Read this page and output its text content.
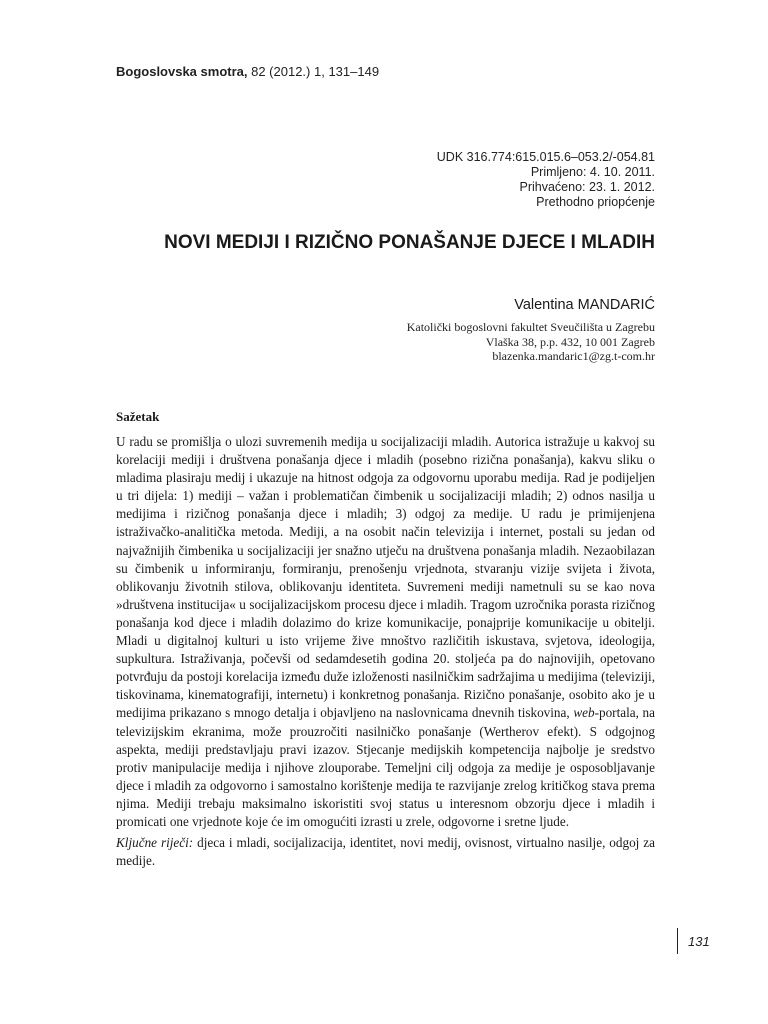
Bogoslovska smotra, 82 (2012.) 1, 131–149
UDK 316.774:615.015.6–053.2/-054.81
Primljeno: 4. 10. 2011.
Prihvaćeno: 23. 1. 2012.
Prethodno priopćenje
NOVI MEDIJI I RIZIČNO PONAŠANJE DJECE I MLADIH
Valentina MANDARIĆ
Katolički bogoslovni fakultet Sveučilišta u Zagrebu
Vlaška 38, p.p. 432, 10 001 Zagreb
blazenka.mandaric1@zg.t-com.hr
Sažetak

U radu se promišlja o ulozi suvremenih medija u socijalizaciji mladih. Autorica istražuje u kakvoj su korelaciji mediji i društvena ponašanja djece i mladih (posebno rizična ponašanja), kakvu sliku o mladima plasiraju medij i ukazuje na hitnost odgoja za odgovornu uporabu medija. Rad je podijeljen u tri dijela: 1) mediji – važan i problematičan čimbenik u socijalizaciji mladih; 2) odnos nasilja u medijima i rizičnog ponašanja djece i mladih; 3) odgoj za medije. U radu je primijenjena istraživačko-analitička metoda. Mediji, a na osobit način televizija i internet, postali su jedan od najvažnijih čimbenika u socijalizaciji jer snažno utječu na društvena ponašanja mladih. Nezaobilazan su čimbenik u informiranju, formiranju, prenošenju vrjednota, stvaranju vizije svijeta i života, oblikovanju životnih stilova, oblikovanju identiteta. Suvremeni mediji nametnuli su se kao nova »društvena institucija« u socijalizacijskom procesu djece i mladih. Tragom uzročnika porasta rizičnog ponašanja kod djece i mladih dolazimo do krize komunikacije, ponajprije komunikacije u obitelji. Mladi u digitalnoj kulturi u isto vrijeme žive mnoštvo različitih iskustava, svjetova, ideologija, supkultura. Istraživanja, počevši od sedamdesetih godina 20. stoljeća pa do najnovijih, opetovano potvrđuju da postoji korelacija između duže izloženosti nasilničkim sadržajima u medijima (televiziji, tiskovinama, kinematografiji, internetu) i konkretnog ponašanja. Rizično ponašanje, osobito ako je u medijima prikazano s mnogo detalja i objavljeno na naslovnicama dnevnih tiskovina, web-portala, na televizijskim ekranima, može prouzročiti nasilničko ponašanje (Wertherov efekt). S odgojnog aspekta, mediji predstavljaju pravi izazov. Stjecanje medijskih kompetencija najbolje je sredstvo protiv manipulacije medija i njihove zlouporabe. Temeljni cilj odgoja za medije je osposobljavanje djece i mladih za odgovorno i samostalno korištenje medija te razvijanje zrelog kritičkog stava prema njima. Mediji trebaju maksimalno iskoristiti svoj status u interesnom obzorju djece i mladih i promicati one vrjednote koje će im omogućiti izrasti u zrele, odgovorne i sretne ljude.

Ključne riječi: djeca i mladi, socijalizacija, identitet, novi medij, ovisnost, virtualno nasilje, odgoj za medije.

131
